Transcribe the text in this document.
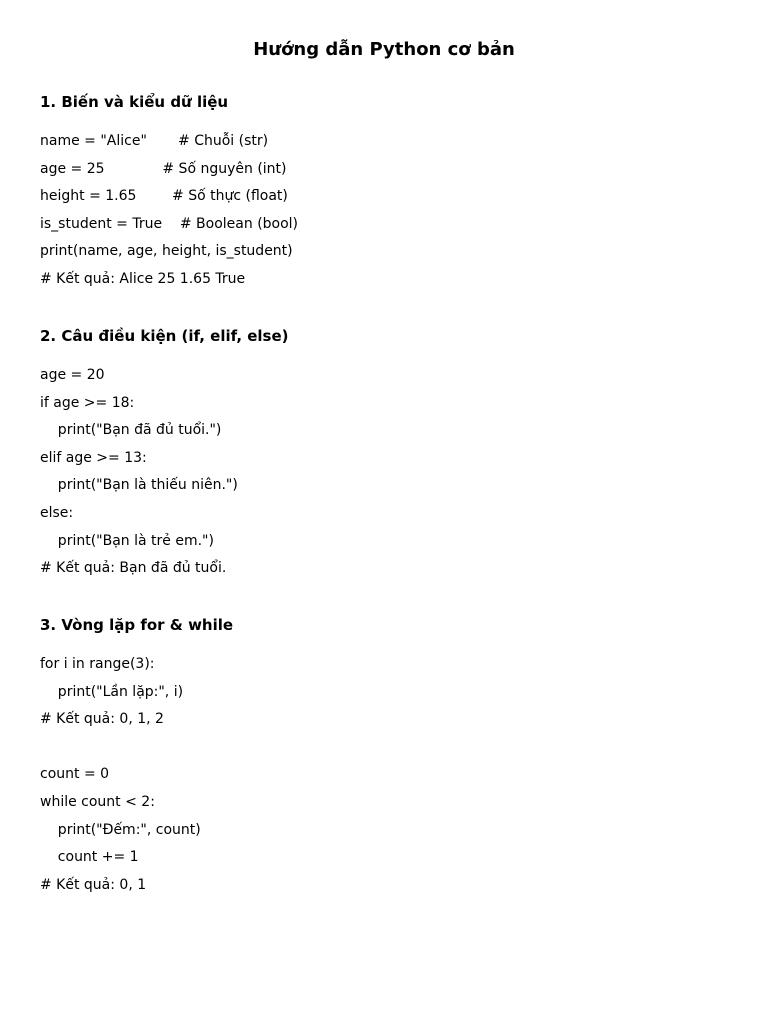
Hướng dẫn Python cơ bản
1. Biến và kiểu dữ liệu
name = "Alice"       # Chuỗi (str)
age = 25             # Số nguyên (int)
height = 1.65        # Số thực (float)
is_student = True    # Boolean (bool)
print(name, age, height, is_student)
# Kết quả: Alice 25 1.65 True
2. Câu điều kiện (if, elif, else)
age = 20
if age >= 18:
print("Bạn đã đủ tuổi.")
elif age >= 13:
print("Bạn là thiếu niên.")
else:
print("Bạn là trẻ em.")
# Kết quả: Bạn đã đủ tuổi.
3. Vòng lặp for & while
for i in range(3):
print("Lần lặp:", i)
# Kết quả: 0, 1, 2
count = 0
while count < 2:
print("Đếm:", count)
count += 1
# Kết quả: 0, 1
